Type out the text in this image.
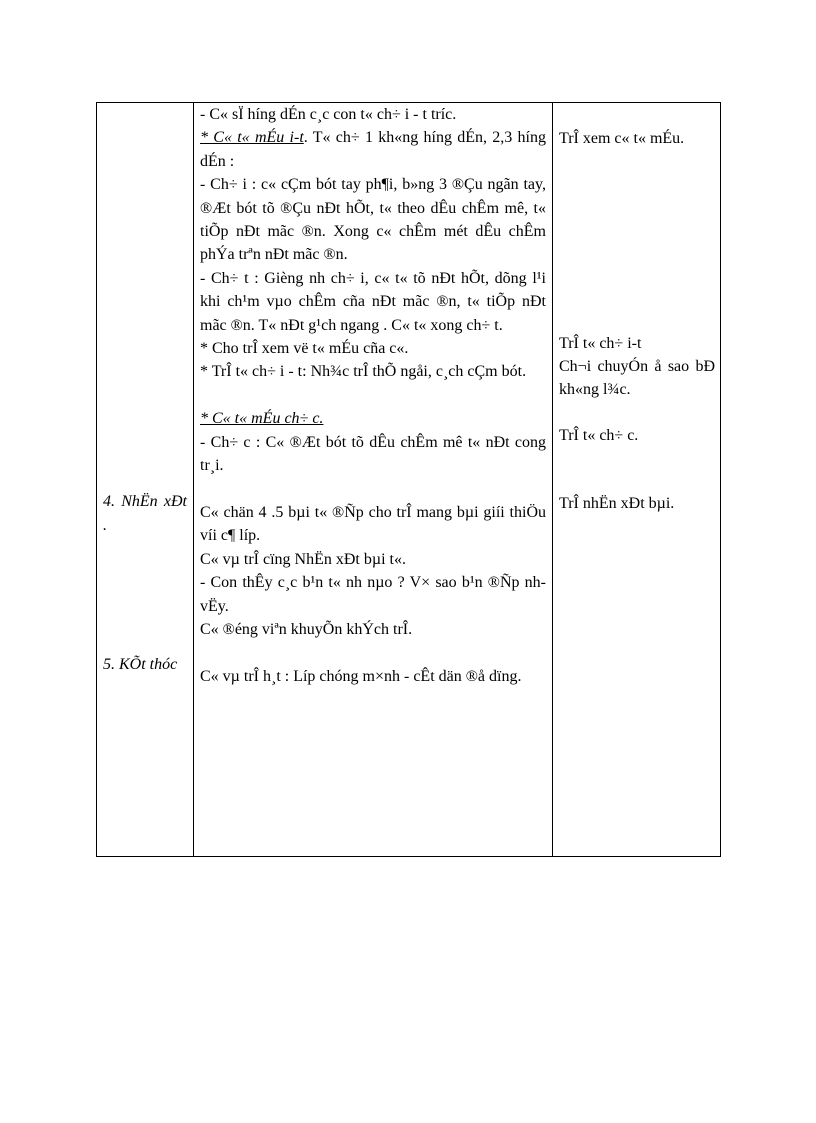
4. NhËn xÐt .

5. KÕt thóc

- C« sÏ híng dÉn c¸c con t« ch÷ i - t tríc.

* C« t« mÉu i-t. T« ch÷ 1 kh«ng híng dÉn, 2,3 híng dÉn :

- Ch÷ i : c« cÇm bót tay ph¶i, b»ng 3 ®Çu ngãn tay, ®Æt bót tõ ®Çu nÐt hÕt, t« theo dÊu chÊm mê, t« tiÕp nÐt mãc ®n. Xong c« chÊm mét dÊu chÊm phÝa trªn nÐt mãc ®n.

- Ch÷ t : Gièng nh ch÷ i, c« t« tõ nÐt hÕt, dõng l¹i khi ch¹m vµo chÊm cña nÐt mãc ®n, t« tiÕp nÐt mãc ®n. T« nÐt g¹ch ngang . C« t« xong ch÷ t.

* Cho trÎ xem vë t« mÉu cña c«.

* TrÎ t« ch÷ i - t: Nh¾c trÎ thÕ ngåi, c¸ch cÇm bót.

* C« t« mÉu ch÷ c.

- Ch÷ c : C« ®Æt bót tõ dÊu chÊm mê t« nÐt cong tr¸i.

C« chän 4 .5 bµi t« ®Ñp cho trÎ mang bµi giíi thiÖu víi c¶ líp.

C« vµ trÎ cïng NhËn xÐt bµi t«.

- Con thÊy c¸c b¹n t« nh nµo ? V× sao b¹n ®Ñp nh vËy.

C« ®éng viªn khuyÕn khÝch trÎ.

C« vµ trÎ h¸t : Líp chóng m×nh - cÊt dän ®å dïng.

TrÎ xem c« t« mÉu.

TrÎ t« ch÷ i-t

Ch¬i chuyÓn å sao bÐ kh«ng l¾c.

TrÎ t« ch÷ c.

TrÎ nhËn xÐt bµi.
